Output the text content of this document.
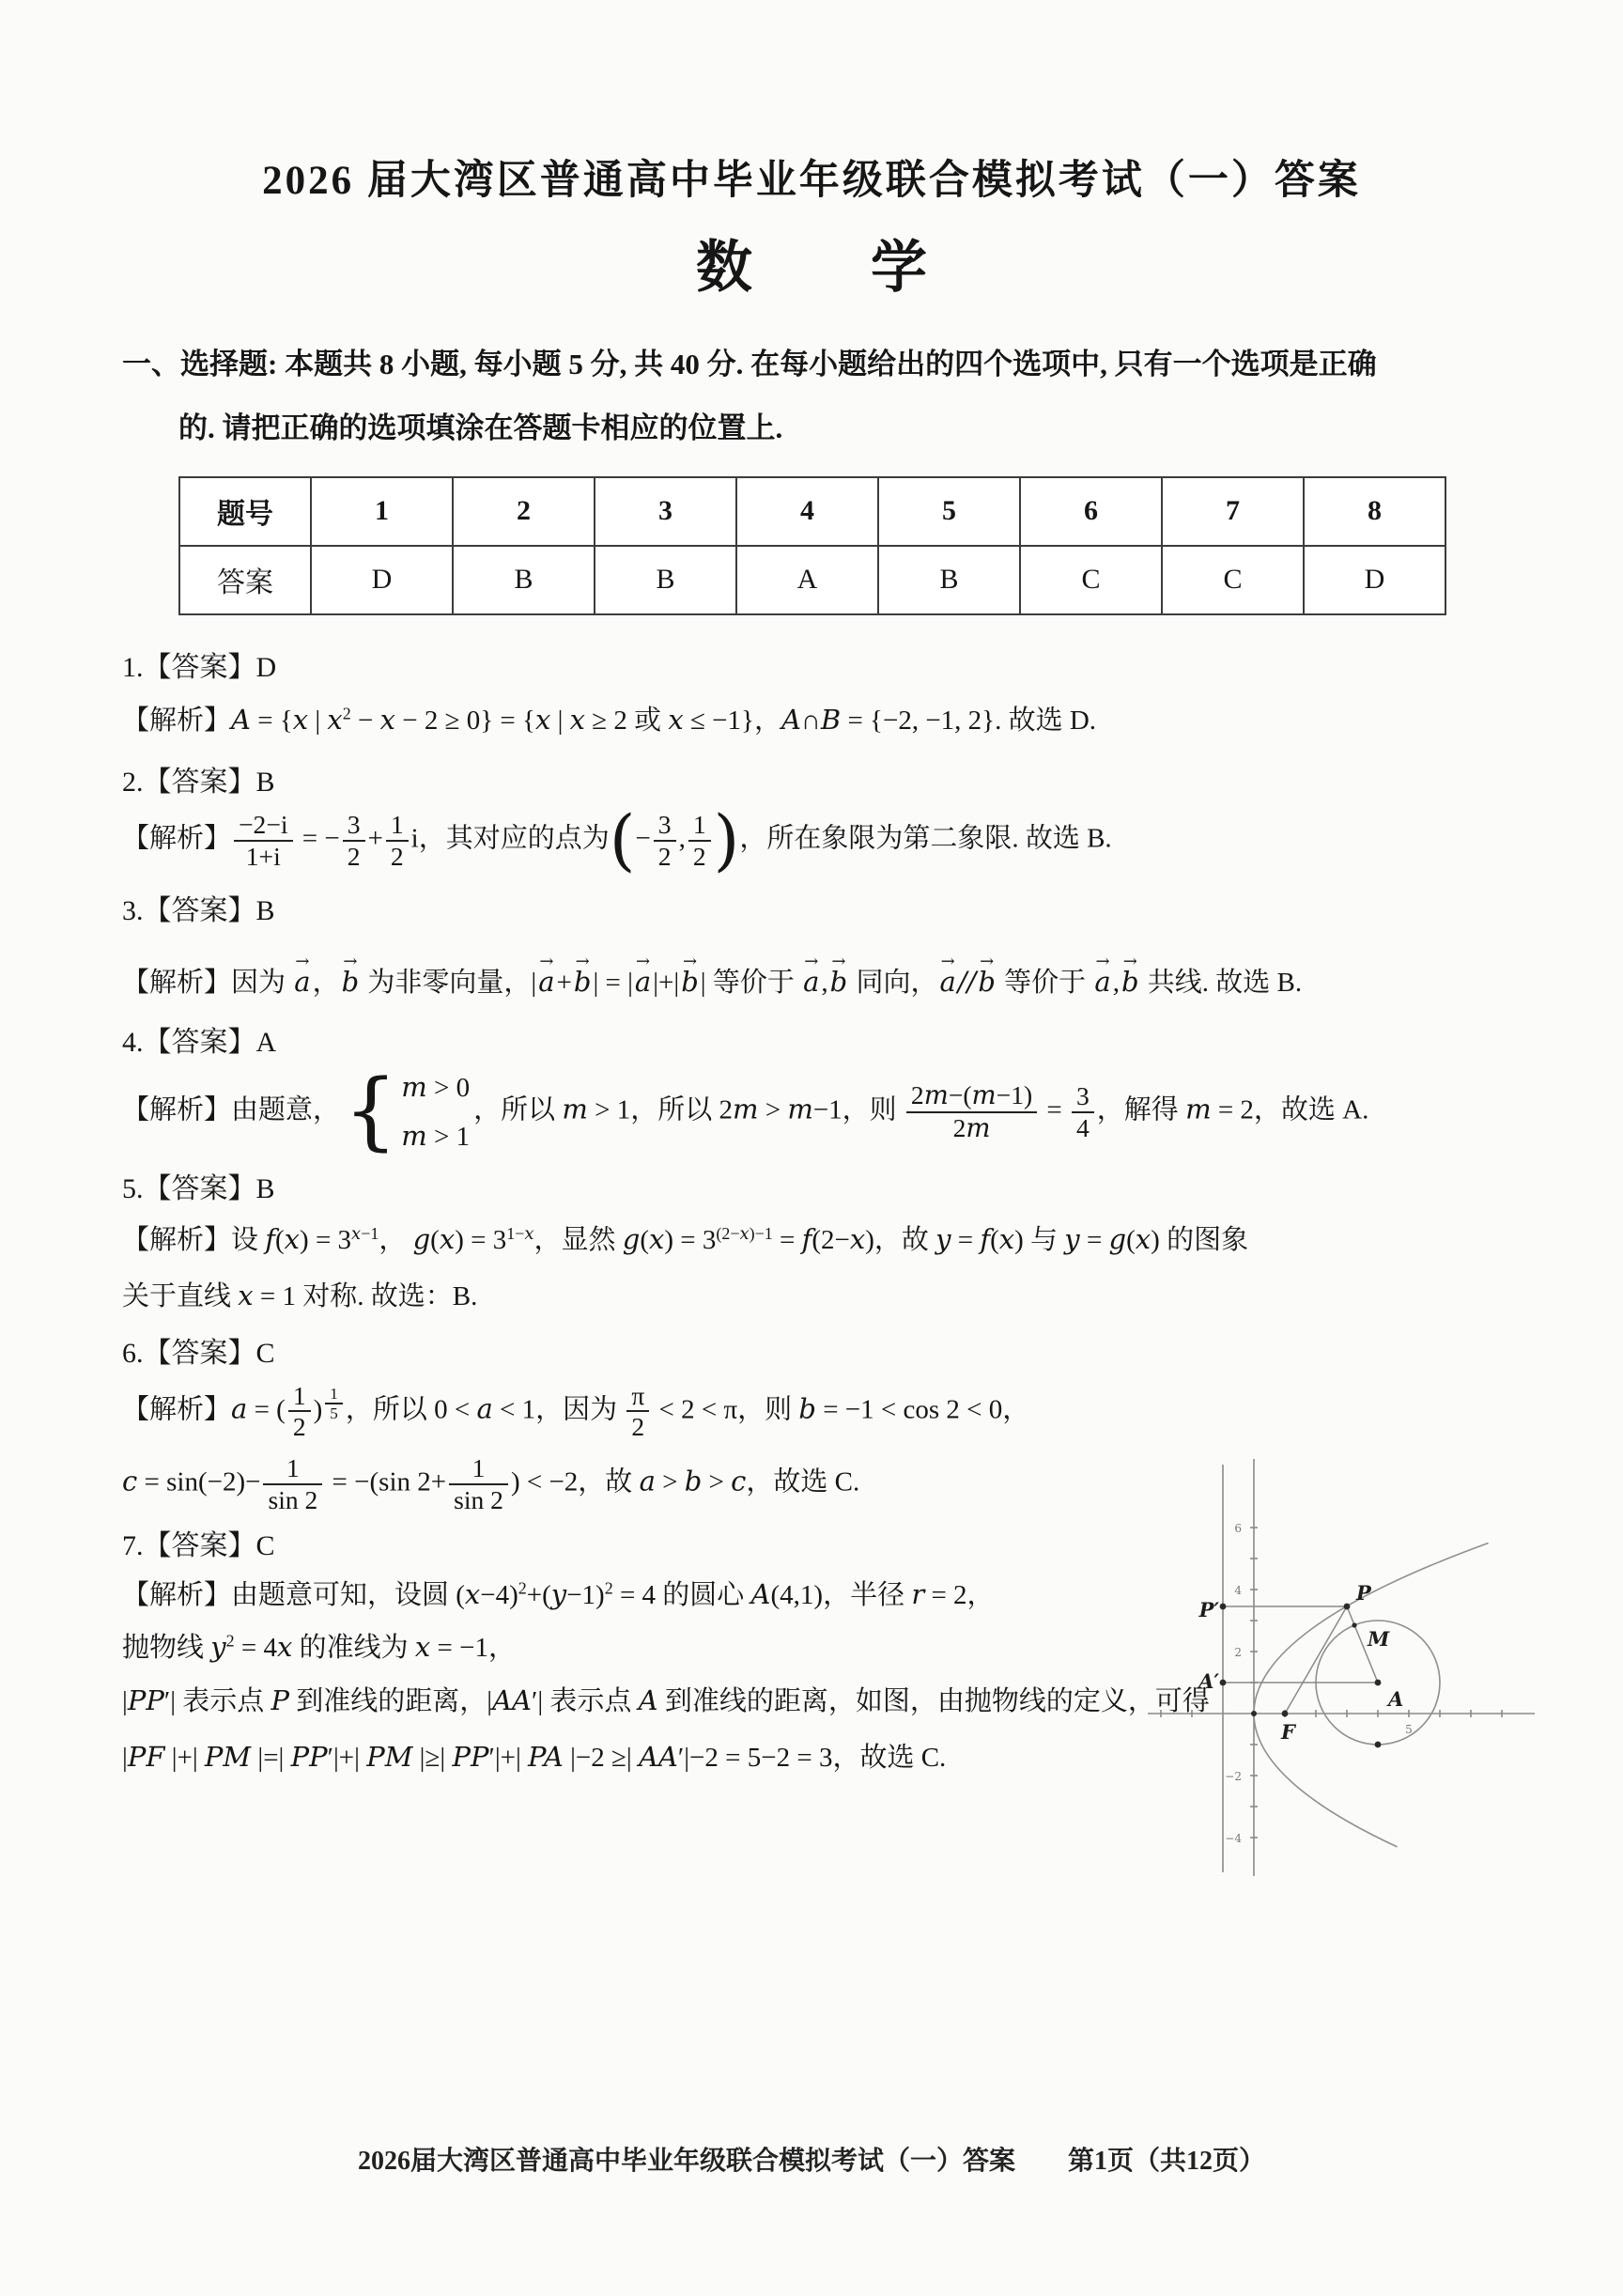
2026 届大湾区普通高中毕业年级联合模拟考试（一）答案
数学
一、选择题: 本题共 8 小题, 每小题 5 分, 共 40 分. 在每小题给出的四个选项中, 只有一个选项是正确
的. 请把正确的选项填涂在答题卡相应的位置上.
题号	1	2	3	4	5	6	7	8
答案	D	B	B	A	B	C	C	D
1.【答案】D
【解析】A = {x | $x^2 - x - 2 \ge 0\} = \{x$ | x ≥ 2 或 x ≤ −1}，A∩B = {−2, −1, 2}. 故选 D.
2.【答案】B
【解析】 $\frac{-2-i}{1+i}$ = − $\frac{3}{2} + \frac{1}{2}$ i，其对应的点为(− $\frac{3}{2}$ , $\frac{1}{2}$ )，所在象限为第二象限. 故选 B.
3.【答案】B
【解析】因为 → a，→ b 为非零向量，|→ a+→ b| = |→ a|+|→ b| 等价于 → a,→ b 同向，→ a//→ b 等价于 → a,→ b 共线. 故选 B.
4.【答案】A
【解析】由题意， { m > 0
m > 1
，所以 m > 1，所以 2m > m−1，则 $\frac{2m-(m-1)}{2m} = \frac{3}{4}$ ，解得 m = 2，故选 A.
5.【答案】B
【解析】设 $f(x) = 3^{x-1}$， $g(x) = 3^{1-x}$，显然 $g(x) = 3^{(2-x)-1} = f(2-x)$，故 y = f(x) 与 y = g(x) 的图象
关于直线 x = 1 对称. 故选：B.
6.【答案】C
【解析】a = ( $\frac{1}{2}$ ) $^{\frac{1}{5}}$ ，所以 0 < a < 1，因为 $\frac{\pi}{2} < 2 < \pi$，则 b = −1 < cos 2 < 0，
$c = \sin(-2)- \frac{1}{\sin 2} = -(\sin$ $2+ \frac{1}{\sin 2}$ ) < −2，故 a > b > c，故选 C.
7.【答案】C
【解析】由题意可知，设圆 $(x-4)^2+(y-1)^2 = 4$ 的圆心 A(4,1)，半径 r = 2，
抛物线 $y^2 = 4x$ 的准线为 x = −1，
|PP′| 表示点 P 到准线的距离，|AA′| 表示点 A 到准线的距离，如图，由抛物线的定义，可得
|PF |+| PM |=| PP′|+| PM |≥| PP′|+| PA |−2 ≥| AA′|−2 = 5−2 = 3，故选 C.
6
4
2
−2
−4
5
P
P′
A′
F
M
A
2026届大湾区普通高中毕业年级联合模拟考试（一）答案 第1页（共12页）
